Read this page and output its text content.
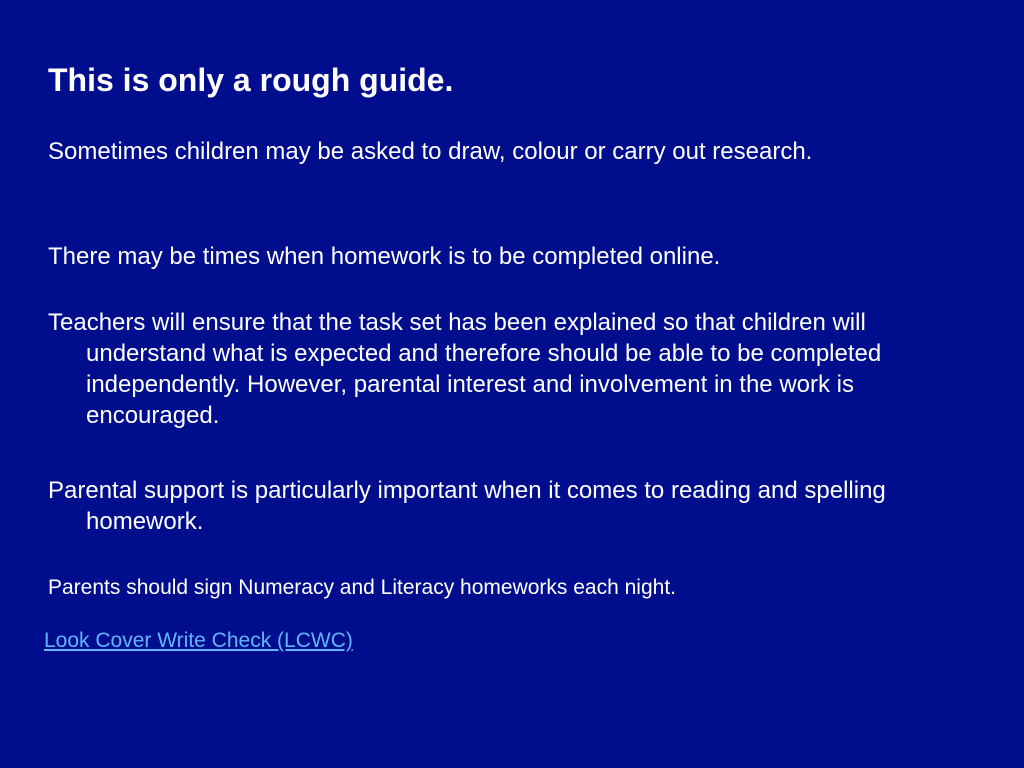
This is only a rough guide.

Sometimes children may be asked to draw, colour or carry out research.

There may be times when homework is to be completed online.

Teachers will ensure that the task set has been explained so that children will understand what is expected and therefore should be able to be completed independently. However, parental interest and involvement in the work is encouraged.

Parental support is particularly important when it comes to reading and spelling homework.

Parents should sign Numeracy and Literacy homeworks each night.

Look Cover Write Check (LCWC)
